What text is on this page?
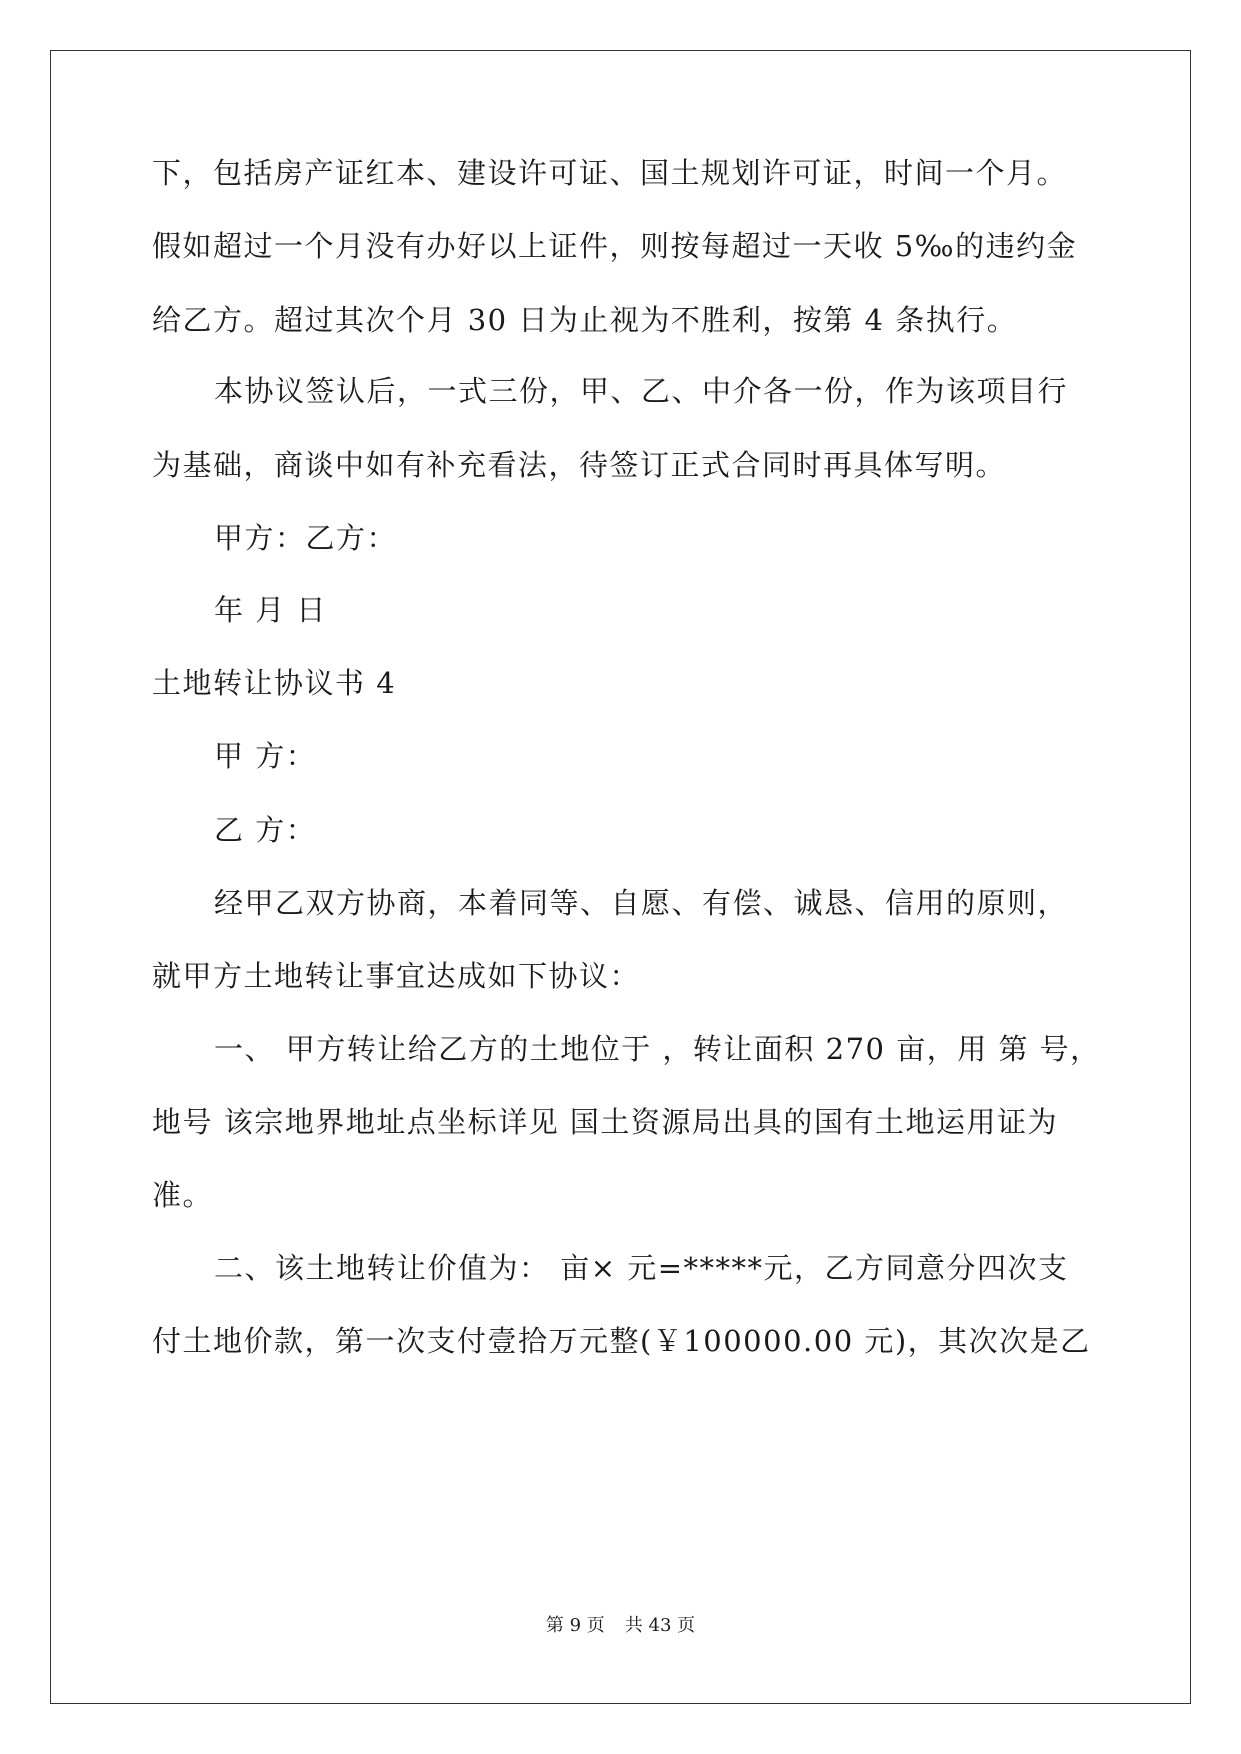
下，包括房产证红本、建设许可证、国土规划许可证，时间一个月。
假如超过一个月没有办好以上证件，则按每超过一天收 5‰的违约金
给乙方。超过其次个月 30 日为止视为不胜利，按第 4 条执行。
本协议签认后，一式三份，甲、乙、中介各一份，作为该项目行
为基础，商谈中如有补充看法，待签订正式合同时再具体写明。
甲方：乙方：
年 月 日
土地转让协议书 4
甲 方：
乙 方：
经甲乙双方协商，本着同等、自愿、有偿、诚恳、信用的原则，
就甲方土地转让事宜达成如下协议：
一、 甲方转让给乙方的土地位于 ，转让面积 270 亩，用 第 号，
地号 该宗地界地址点坐标详见 国土资源局出具的国有土地运用证为
准。
二、该土地转让价值为： 亩× 元=*****元，乙方同意分四次支
付土地价款，第一次支付壹拾万元整(￥100000.00 元)，其次次是乙
第 9 页 共 43 页
